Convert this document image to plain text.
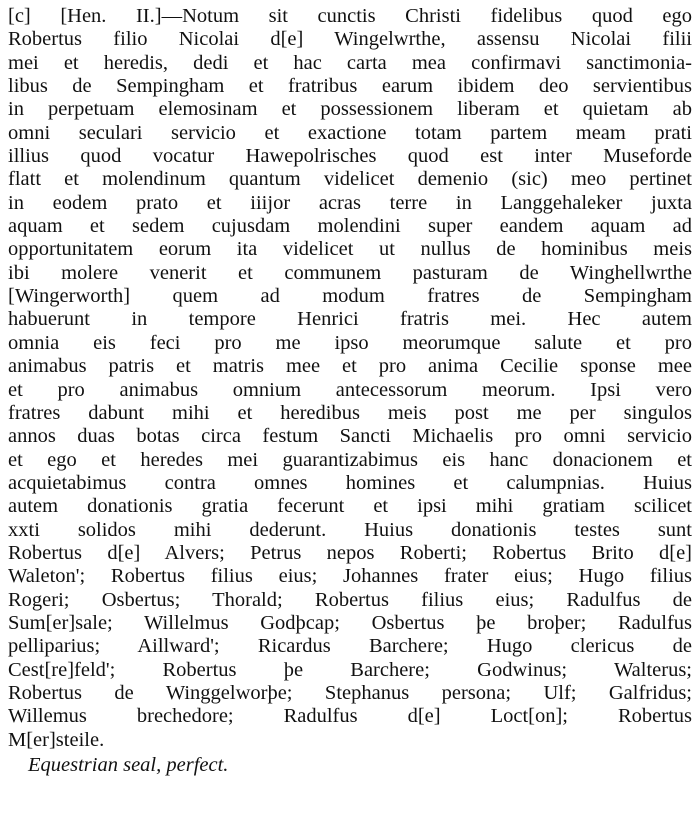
[c] [Hen. II.]—Notum sit cunctis Christi fidelibus quod ego
Robertus filio Nicolai d[e] Wingelwrthe, assensu Nicolai filii
mei et heredis, dedi et hac carta mea confirmavi sanctimonia-
libus de Sempingham et fratribus earum ibidem deo servientibus
in perpetuam elemosinam et possessionem liberam et quietam ab
omni seculari servicio et exactione totam partem meam prati
illius quod vocatur Hawepolrisches quod est inter Museforde
flatt et molendinum quantum videlicet demenio (sic) meo pertinet
in eodem prato et iiijor acras terre in Langgehaleker juxta
aquam et sedem cujusdam molendini super eandem aquam ad
opportunitatem eorum ita videlicet ut nullus de hominibus meis
ibi molere venerit et communem pasturam de Winghellwrthe
[Wingerworth] quem ad modum fratres de Sempingham
habuerunt in tempore Henrici fratris mei. Hec autem
omnia eis feci pro me ipso meorumque salute et pro
animabus patris et matris mee et pro anima Cecilie sponse mee
et pro animabus omnium antecessorum meorum. Ipsi vero
fratres dabunt mihi et heredibus meis post me per singulos
annos duas botas circa festum Sancti Michaelis pro omni servicio
et ego et heredes mei guarantizabimus eis hanc donacionem et
acquietabimus contra omnes homines et calumpnias. Huius
autem donationis gratia fecerunt et ipsi mihi gratiam scilicet
xxti solidos mihi dederunt. Huius donationis testes sunt
Robertus d[e] Alvers; Petrus nepos Roberti; Robertus Brito d[e]
Waleton'; Robertus filius eius; Johannes frater eius; Hugo filius
Rogeri; Osbertus; Thorald; Robertus filius eius; Radulfus de
Sum[er]sale; Willelmus Godþcap; Osbertus þe broþer; Radulfus
pelliparius; Aillward'; Ricardus Barchere; Hugo clericus de
Cest[re]feld'; Robertus þe Barchere; Godwinus; Walterus;
Robertus de Winggelworþe; Stephanus persona; Ulf; Galfridus;
Willemus brechedore; Radulfus d[e] Loct[on]; Robertus
M[er]steile.
Equestrian seal, perfect.
